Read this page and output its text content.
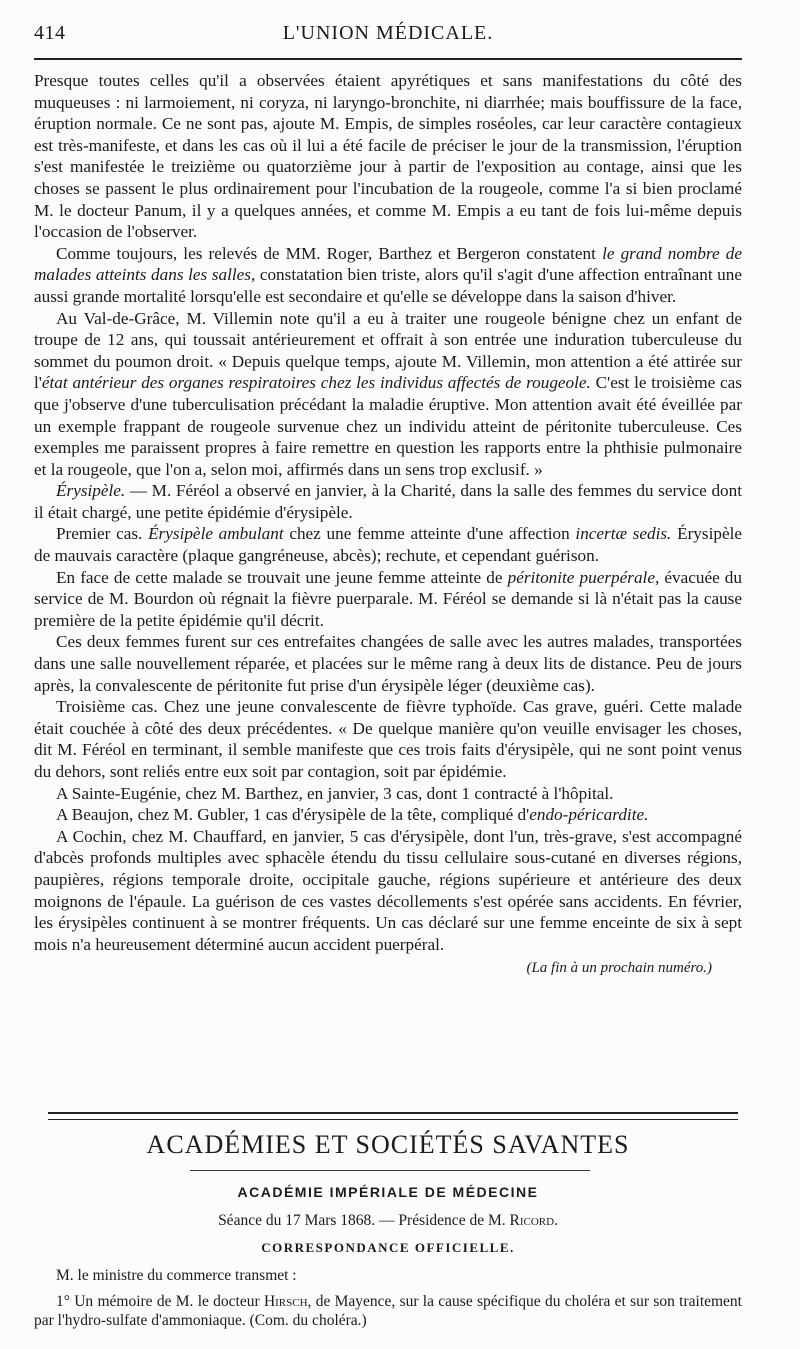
414	L'UNION MÉDICALE.

Presque toutes celles qu'il a observées étaient apyrétiques et sans manifestations du côté des muqueuses : ni larmoiement, ni coryza, ni laryngo-bronchite, ni diarrhée; mais bouffissure de la face, éruption normale. Ce ne sont pas, ajoute M. Empis, de simples roséoles, car leur caractère contagieux est très-manifeste, et dans les cas où il lui a été facile de préciser le jour de la transmission, l'éruption s'est manifestée le treizième ou quatorzième jour à partir de l'exposition au contage, ainsi que les choses se passent le plus ordinairement pour l'incubation de la rougeole, comme l'a si bien proclamé M. le docteur Panum, il y a quelques années, et comme M. Empis a eu tant de fois lui-même depuis l'occasion de l'observer.

Comme toujours, les relevés de MM. Roger, Barthez et Bergeron constatent le grand nombre de malades atteints dans les salles, constatation bien triste, alors qu'il s'agit d'une affection entraînant une aussi grande mortalité lorsqu'elle est secondaire et qu'elle se développe dans la saison d'hiver.

Au Val-de-Grâce, M. Villemin note qu'il a eu à traiter une rougeole bénigne chez un enfant de troupe de 12 ans, qui toussait antérieurement et offrait à son entrée une induration tuberculeuse du sommet du poumon droit. « Depuis quelque temps, ajoute M. Villemin, mon attention a été attirée sur l'état antérieur des organes respiratoires chez les individus affectés de rougeole. C'est le troisième cas que j'observe d'une tuberculisation précédant la maladie éruptive. Mon attention avait été éveillée par un exemple frappant de rougeole survenue chez un individu atteint de péritonite tuberculeuse. Ces exemples me paraissent propres à faire remettre en question les rapports entre la phthisie pulmonaire et la rougeole, que l'on a, selon moi, affirmés dans un sens trop exclusif. »

Érysipèle. — M. Féréol a observé en janvier, à la Charité, dans la salle des femmes du service dont il était chargé, une petite épidémie d'érysipèle.

Premier cas. Érysipèle ambulant chez une femme atteinte d'une affection incertæ sedis. Érysipèle de mauvais caractère (plaque gangréneuse, abcès); rechute, et cependant guérison.

En face de cette malade se trouvait une jeune femme atteinte de péritonite puerpérale, évacuée du service de M. Bourdon où régnait la fièvre puerparale. M. Féréol se demande si là n'était pas la cause première de la petite épidémie qu'il décrit.

Ces deux femmes furent sur ces entrefaites changées de salle avec les autres malades, transportées dans une salle nouvellement réparée, et placées sur le même rang à deux lits de distance. Peu de jours après, la convalescente de péritonite fut prise d'un érysipèle léger (deuxième cas).

Troisième cas. Chez une jeune convalescente de fièvre typhoïde. Cas grave, guéri. Cette malade était couchée à côté des deux précédentes. « De quelque manière qu'on veuille envisager les choses, dit M. Féréol en terminant, il semble manifeste que ces trois faits d'érysipèle, qui ne sont point venus du dehors, sont reliés entre eux soit par contagion, soit par épidémie.

A Sainte-Eugénie, chez M. Barthez, en janvier, 3 cas, dont 1 contracté à l'hôpital.

A Beaujon, chez M. Gubler, 1 cas d'érysipèle de la tête, compliqué d'endo-péricardite.

A Cochin, chez M. Chauffard, en janvier, 5 cas d'érysipèle, dont l'un, très-grave, s'est accompagné d'abcès profonds multiples avec sphacèle étendu du tissu cellulaire sous-cutané en diverses régions, paupières, régions temporale droite, occipitale gauche, régions supérieure et antérieure des deux moignons de l'épaule. La guérison de ces vastes décollements s'est opérée sans accidents. En février, les érysipèles continuent à se montrer fréquents. Un cas déclaré sur une femme enceinte de six à sept mois n'a heureusement déterminé aucun accident puerpéral.

(La fin à un prochain numéro.)

ACADÉMIES ET SOCIÉTÉS SAVANTES
ACADÉMIE IMPÉRIALE DE MÉDECINE
Séance du 17 Mars 1868. — Présidence de M. Ricord.
CORRESPONDANCE OFFICIELLE.

M. le ministre du commerce transmet :

1° Un mémoire de M. le docteur Hirsch, de Mayence, sur la cause spécifique du choléra et sur son traitement par l'hydro-sulfate d'ammoniaque. (Com. du choléra.)
